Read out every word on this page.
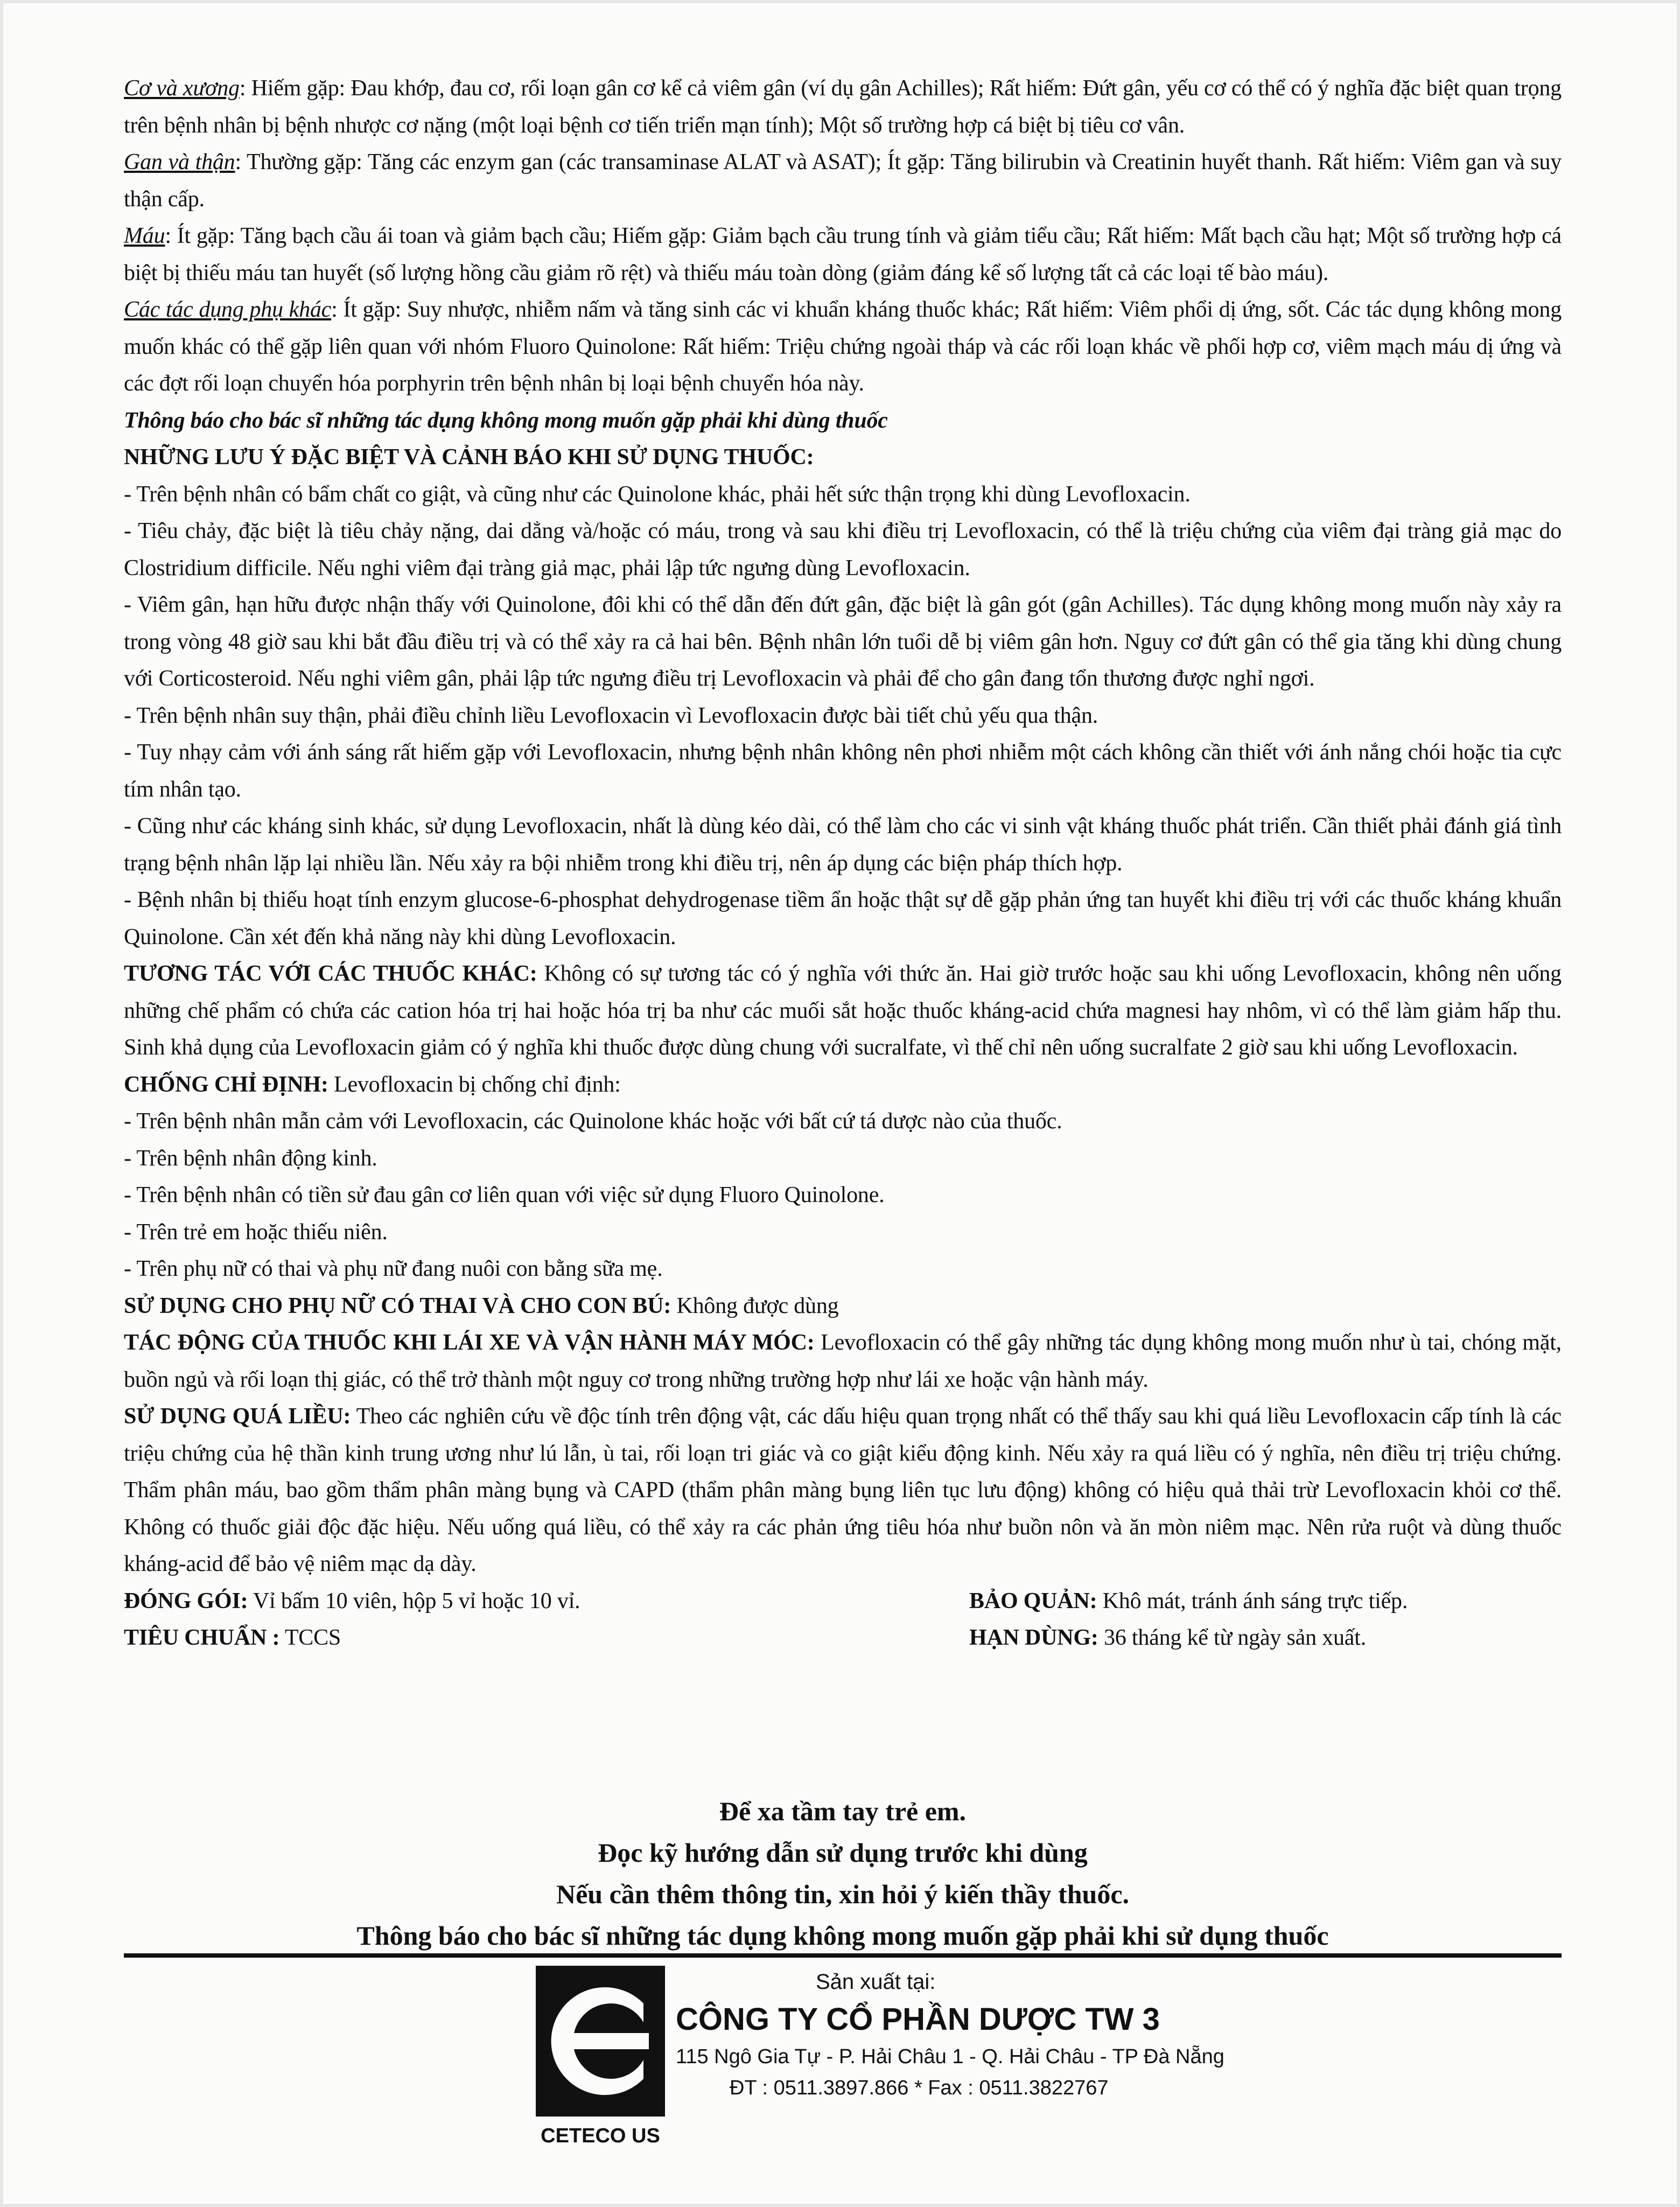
Cơ và xương: Hiếm gặp: Đau khớp, đau cơ, rối loạn gân cơ kể cả viêm gân (ví dụ gân Achilles); Rất hiếm: Đứt gân, yếu cơ có thể có ý nghĩa đặc biệt quan trọng trên bệnh nhân bị bệnh nhược cơ nặng (một loại bệnh cơ tiến triển mạn tính); Một số trường hợp cá biệt bị tiêu cơ vân.

Gan và thận: Thường gặp: Tăng các enzym gan (các transaminase ALAT và ASAT); Ít gặp: Tăng bilirubin và Creatinin huyết thanh. Rất hiếm: Viêm gan và suy thận cấp.

Máu: Ít gặp: Tăng bạch cầu ái toan và giảm bạch cầu; Hiếm gặp: Giảm bạch cầu trung tính và giảm tiểu cầu; Rất hiếm: Mất bạch cầu hạt; Một số trường hợp cá biệt bị thiếu máu tan huyết (số lượng hồng cầu giảm rõ rệt) và thiếu máu toàn dòng (giảm đáng kể số lượng tất cả các loại tế bào máu).

Các tác dụng phụ khác: Ít gặp: Suy nhược, nhiễm nấm và tăng sinh các vi khuẩn kháng thuốc khác; Rất hiếm: Viêm phổi dị ứng, sốt. Các tác dụng không mong muốn khác có thể gặp liên quan với nhóm Fluoro Quinolone: Rất hiếm: Triệu chứng ngoài tháp và các rối loạn khác về phối hợp cơ, viêm mạch máu dị ứng và các đợt rối loạn chuyển hóa porphyrin trên bệnh nhân bị loại bệnh chuyển hóa này.

Thông báo cho bác sĩ những tác dụng không mong muốn gặp phải khi dùng thuốc

NHỮNG LƯU Ý ĐẶC BIỆT VÀ CẢNH BÁO KHI SỬ DỤNG THUỐC:

- Trên bệnh nhân có bẩm chất co giật, và cũng như các Quinolone khác, phải hết sức thận trọng khi dùng Levofloxacin.

- Tiêu chảy, đặc biệt là tiêu chảy nặng, dai dẳng và/hoặc có máu, trong và sau khi điều trị Levofloxacin, có thể là triệu chứng của viêm đại tràng giả mạc do Clostridium difficile. Nếu nghi viêm đại tràng giả mạc, phải lập tức ngưng dùng Levofloxacin.

- Viêm gân, hạn hữu được nhận thấy với Quinolone, đôi khi có thể dẫn đến đứt gân, đặc biệt là gân gót (gân Achilles). Tác dụng không mong muốn này xảy ra trong vòng 48 giờ sau khi bắt đầu điều trị và có thể xảy ra cả hai bên. Bệnh nhân lớn tuổi dễ bị viêm gân hơn. Nguy cơ đứt gân có thể gia tăng khi dùng chung với Corticosteroid. Nếu nghi viêm gân, phải lập tức ngưng điều trị Levofloxacin và phải để cho gân đang tổn thương được nghỉ ngơi.

- Trên bệnh nhân suy thận, phải điều chỉnh liều Levofloxacin vì Levofloxacin được bài tiết chủ yếu qua thận.

- Tuy nhạy cảm với ánh sáng rất hiếm gặp với Levofloxacin, nhưng bệnh nhân không nên phơi nhiễm một cách không cần thiết với ánh nắng chói hoặc tia cực tím nhân tạo.

- Cũng như các kháng sinh khác, sử dụng Levofloxacin, nhất là dùng kéo dài, có thể làm cho các vi sinh vật kháng thuốc phát triển. Cần thiết phải đánh giá tình trạng bệnh nhân lặp lại nhiều lần. Nếu xảy ra bội nhiễm trong khi điều trị, nên áp dụng các biện pháp thích hợp.

- Bệnh nhân bị thiếu hoạt tính enzym glucose-6-phosphat dehydrogenase tiềm ẩn hoặc thật sự dễ gặp phản ứng tan huyết khi điều trị với các thuốc kháng khuẩn Quinolone. Cần xét đến khả năng này khi dùng Levofloxacin.

TƯƠNG TÁC VỚI CÁC THUỐC KHÁC: Không có sự tương tác có ý nghĩa với thức ăn. Hai giờ trước hoặc sau khi uống Levofloxacin, không nên uống những chế phẩm có chứa các cation hóa trị hai hoặc hóa trị ba như các muối sắt hoặc thuốc kháng-acid chứa magnesi hay nhôm, vì có thể làm giảm hấp thu. Sinh khả dụng của Levofloxacin giảm có ý nghĩa khi thuốc được dùng chung với sucralfate, vì thế chỉ nên uống sucralfate 2 giờ sau khi uống Levofloxacin.

CHỐNG CHỈ ĐỊNH: Levofloxacin bị chống chỉ định:

- Trên bệnh nhân mẫn cảm với Levofloxacin, các Quinolone khác hoặc với bất cứ tá dược nào của thuốc.

- Trên bệnh nhân động kinh.

- Trên bệnh nhân có tiền sử đau gân cơ liên quan với việc sử dụng Fluoro Quinolone.

- Trên trẻ em hoặc thiếu niên.

- Trên phụ nữ có thai và phụ nữ đang nuôi con bằng sữa mẹ.

SỬ DỤNG CHO PHỤ NỮ CÓ THAI VÀ CHO CON BÚ: Không được dùng

TÁC ĐỘNG CỦA THUỐC KHI LÁI XE VÀ VẬN HÀNH MÁY MÓC: Levofloxacin có thể gây những tác dụng không mong muốn như ù tai, chóng mặt, buồn ngủ và rối loạn thị giác, có thể trở thành một nguy cơ trong những trường hợp như lái xe hoặc vận hành máy.

SỬ DỤNG QUÁ LIỀU: Theo các nghiên cứu về độc tính trên động vật, các dấu hiệu quan trọng nhất có thể thấy sau khi quá liều Levofloxacin cấp tính là các triệu chứng của hệ thần kinh trung ương như lú lẫn, ù tai, rối loạn tri giác và co giật kiểu động kinh. Nếu xảy ra quá liều có ý nghĩa, nên điều trị triệu chứng. Thẩm phân máu, bao gồm thẩm phân màng bụng và CAPD (thẩm phân màng bụng liên tục lưu động) không có hiệu quả thải trừ Levofloxacin khỏi cơ thể. Không có thuốc giải độc đặc hiệu. Nếu uống quá liều, có thể xảy ra các phản ứng tiêu hóa như buồn nôn và ăn mòn niêm mạc. Nên rửa ruột và dùng thuốc kháng-acid để bảo vệ niêm mạc dạ dày.

ĐÓNG GÓI: Vỉ bấm 10 viên, hộp 5 vỉ hoặc 10 vỉ.	BẢO QUẢN: Khô mát, tránh ánh sáng trực tiếp.
TIÊU CHUẨN : TCCS	HẠN DÙNG: 36 tháng kể từ ngày sản xuất.
Để xa tầm tay trẻ em.
Đọc kỹ hướng dẫn sử dụng trước khi dùng
Nếu cần thêm thông tin, xin hỏi ý kiến thầy thuốc.
Thông báo cho bác sĩ những tác dụng không mong muốn gặp phải khi sử dụng thuốc
CETECO US
Sản xuất tại:
CÔNG TY CỔ PHẦN DƯỢC TW 3
115 Ngô Gia Tự - P. Hải Châu 1 - Q. Hải Châu - TP Đà Nẵng
ĐT : 0511.3897.866 * Fax : 0511.3822767
